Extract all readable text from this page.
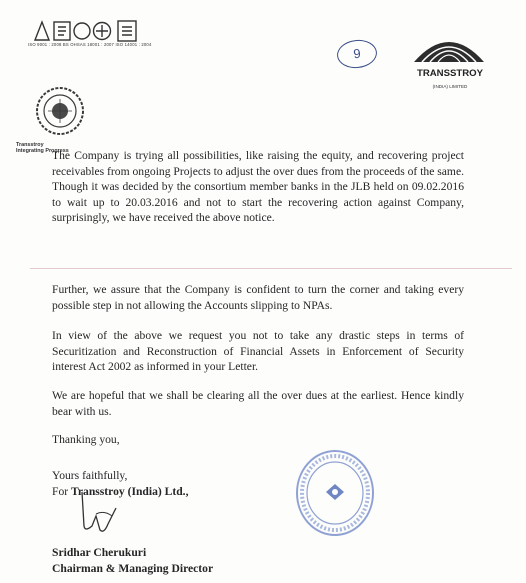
ISO 9001 : 2008 BS OHSAS 18001 : 2007 ISO 14001 : 2004
9
TRANSSTROY
(INDIA) LIMITED
Transstroy
Integrating Progress
The Company is trying all possibilities, like raising the equity, and recovering project receivables from ongoing Projects to adjust the over dues from the proceeds of the same. Though it was decided by the consortium member banks in the JLB held on 09.02.2016 to wait up to 20.03.2016 and not to start the recovering action against Company, surprisingly, we have received the above notice.
Further, we assure that the Company is confident to turn the corner and taking every possible step in not allowing the Accounts slipping to NPAs.
In view of the above we request you not to take any drastic steps in terms of Securitization and Reconstruction of Financial Assets in Enforcement of Security interest Act 2002 as informed in your Letter.
We are hopeful that we shall be clearing all the over dues at the earliest. Hence kindly bear with us.
Thanking you,
Yours faithfully,
For Transstroy (India) Ltd.,
Sridhar Cherukuri
Chairman & Managing Director
